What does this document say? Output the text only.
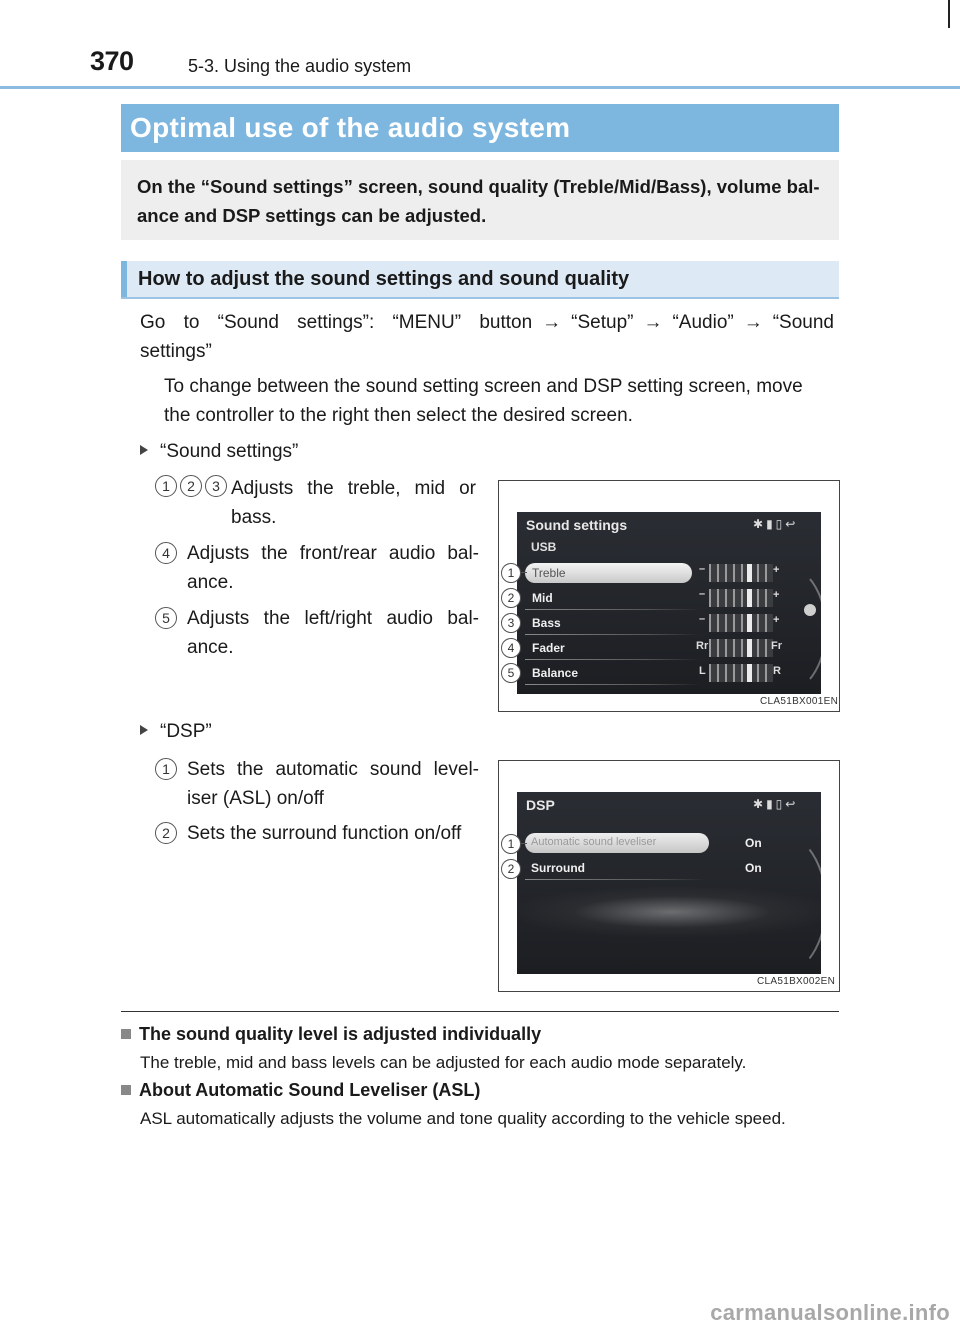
370	5-3. Using the audio system
Optimal use of the audio system
On the “Sound settings” screen, sound quality (Treble/Mid/Bass), volume bal-ance and DSP settings can be adjusted.
How to adjust the sound settings and sound quality
Go to “Sound settings”: “MENU” button → “Setup” → “Audio” → “Sound settings”
To change between the sound setting screen and DSP setting screen, move the controller to the right then select the desired screen.
“Sound settings”
1 2 3 Adjusts the treble, mid or bass.
4 Adjusts the front/rear audio bal-ance.
5 Adjusts the left/right audio bal-ance.
Sound settings	✱▮▯↩
USB
Treble
Mid
Bass
Fader
Balance
–	+
–	+
–	+
Rr	Fr
L	R
1
2
3
4
5
CLA51BX001EN
“DSP”
1 Sets the automatic sound level-iser (ASL) on/off
2 Sets the surround function on/off
DSP	✱▮▯↩
Automatic sound leveliser	On
Surround	On
1
2
CLA51BX002EN
The sound quality level is adjusted individually
The treble, mid and bass levels can be adjusted for each audio mode separately.
About Automatic Sound Leveliser (ASL)
ASL automatically adjusts the volume and tone quality according to the vehicle speed.
carmanualsonline.info
